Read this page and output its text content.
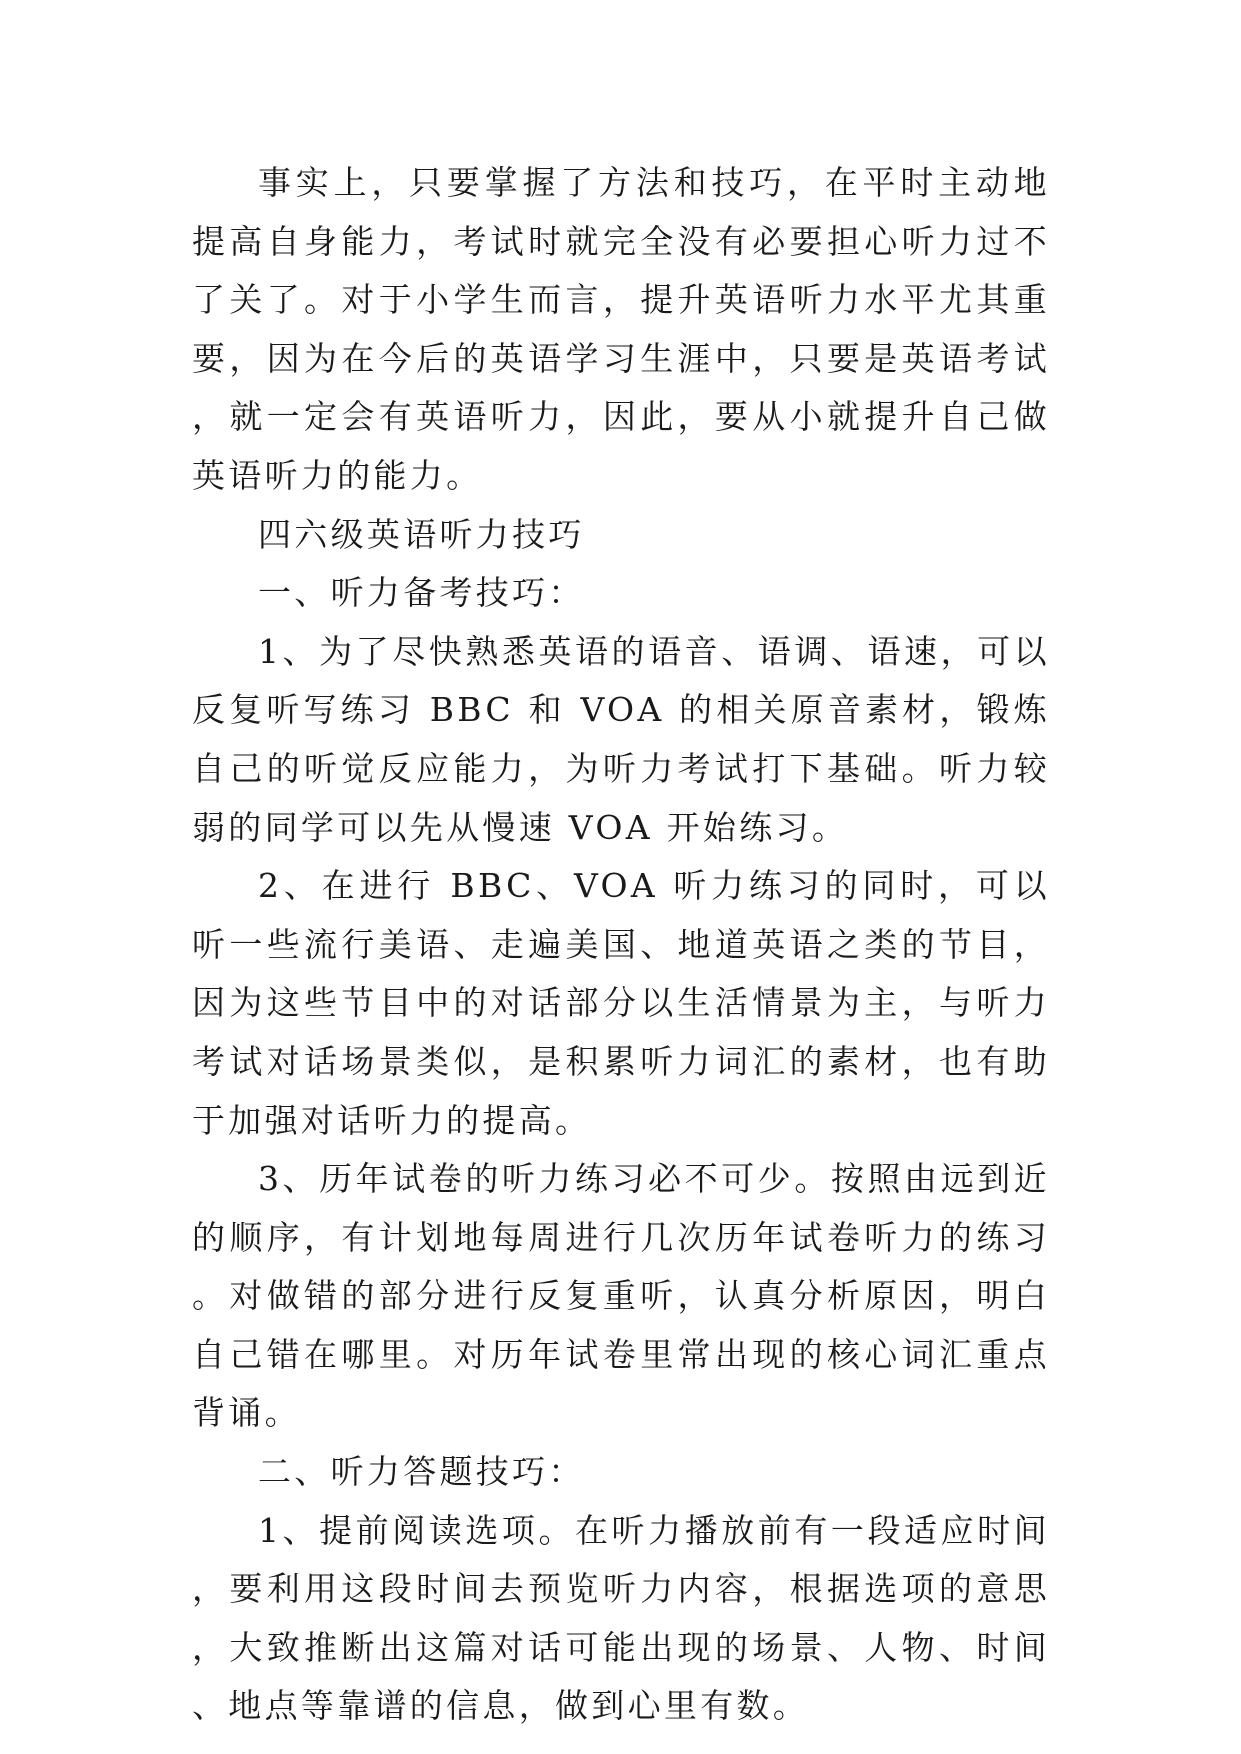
事实上，只要掌握了方法和技巧，在平时主动地提高自身能力，考试时就完全没有必要担心听力过不了关了。对于小学生而言，提升英语听力水平尤其重要，因为在今后的英语学习生涯中，只要是英语考试，就一定会有英语听力，因此，要从小就提升自己做英语听力的能力。

四六级英语听力技巧

一、听力备考技巧：

1、为了尽快熟悉英语的语音、语调、语速，可以反复听写练习 BBC 和 VOA 的相关原音素材，锻炼自己的听觉反应能力，为听力考试打下基础。听力较弱的同学可以先从慢速 VOA 开始练习。

2、在进行 BBC、VOA 听力练习的同时，可以听一些流行美语、走遍美国、地道英语之类的节目，因为这些节目中的对话部分以生活情景为主，与听力考试对话场景类似，是积累听力词汇的素材，也有助于加强对话听力的提高。

3、历年试卷的听力练习必不可少。按照由远到近的顺序，有计划地每周进行几次历年试卷听力的练习。对做错的部分进行反复重听，认真分析原因，明白自己错在哪里。对历年试卷里常出现的核心词汇重点背诵。

二、听力答题技巧：

1、提前阅读选项。在听力播放前有一段适应时间，要利用这段时间去预览听力内容，根据选项的意思，大致推断出这篇对话可能出现的场景、人物、时间、地点等靠谱的信息，做到心里有数。
